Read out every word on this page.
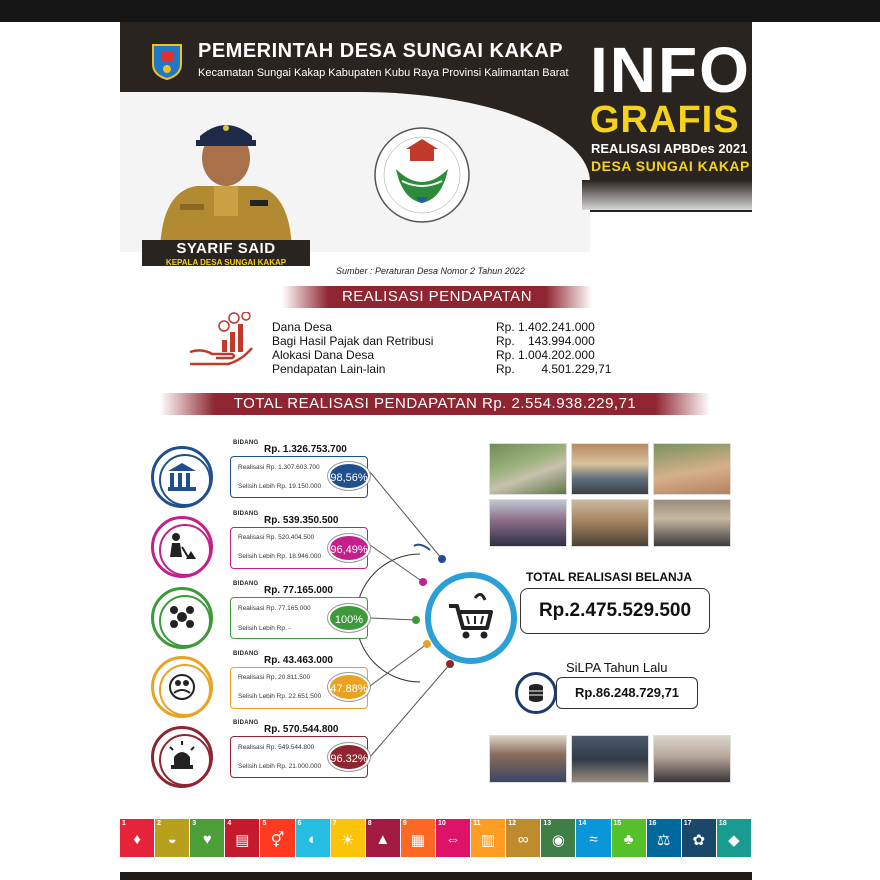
PEMERINTAH DESA SUNGAI KAKAP
Kecamatan Sungai Kakap Kabupaten Kubu Raya Provinsi Kalimantan Barat INFO
GRAFIS
REALISASI APBDes 2021
DESA SUNGAI KAKAP
SYARIF SAID
KEPALA DESA SUNGAI KAKAP
Sumber : Peraturan Desa Nomor 2 Tahun 2022
REALISASI PENDAPATAN
Dana Desa	Rp. 1.402.241.000
Bagi Hasil Pajak dan Retribusi	Rp.    143.994.000
Alokasi Dana Desa	Rp. 1.004.202.000
Pendapatan Lain-lain	Rp.        4.501.229,71
TOTAL REALISASI PENDAPATAN Rp. 2.554.938.229,71
BIDANG
Rp. 1.326.753.700
Realisasi Rp. 1.307.603.700
Selisih Lebih Rp. 19.150.000
98,56%
BIDANG
Rp. 539.350.500
Realisasi Rp. 520.404.500
Selisih Lebih Rp. 18.946.000
96,49%
BIDANG
Rp. 77.165.000
Realisasi Rp. 77.165.000
Selisih Lebih Rp. -
100%
BIDANG
Rp. 43.463.000
Realisasi Rp. 20.811.500
Selisih Lebih Rp. 22.651.500
47.88%
BIDANG
Rp. 570.544.800
Realisasi Rp. 549.544.800
Selisih Lebih Rp. 21.000.000
96.32%
TOTAL REALISASI BELANJA
Rp.2.475.529.500
SiLPA Tahun Lalu
Rp.86.248.729,71
1
♦
2
◒
3
♥
4
▤
5
⚥
6
◐
7
☀
8
▲
9
▦
10
⇔
11
▥
12
∞
13
◉
14
≈
15
♣
16
⚖
17
✿
18
◆
